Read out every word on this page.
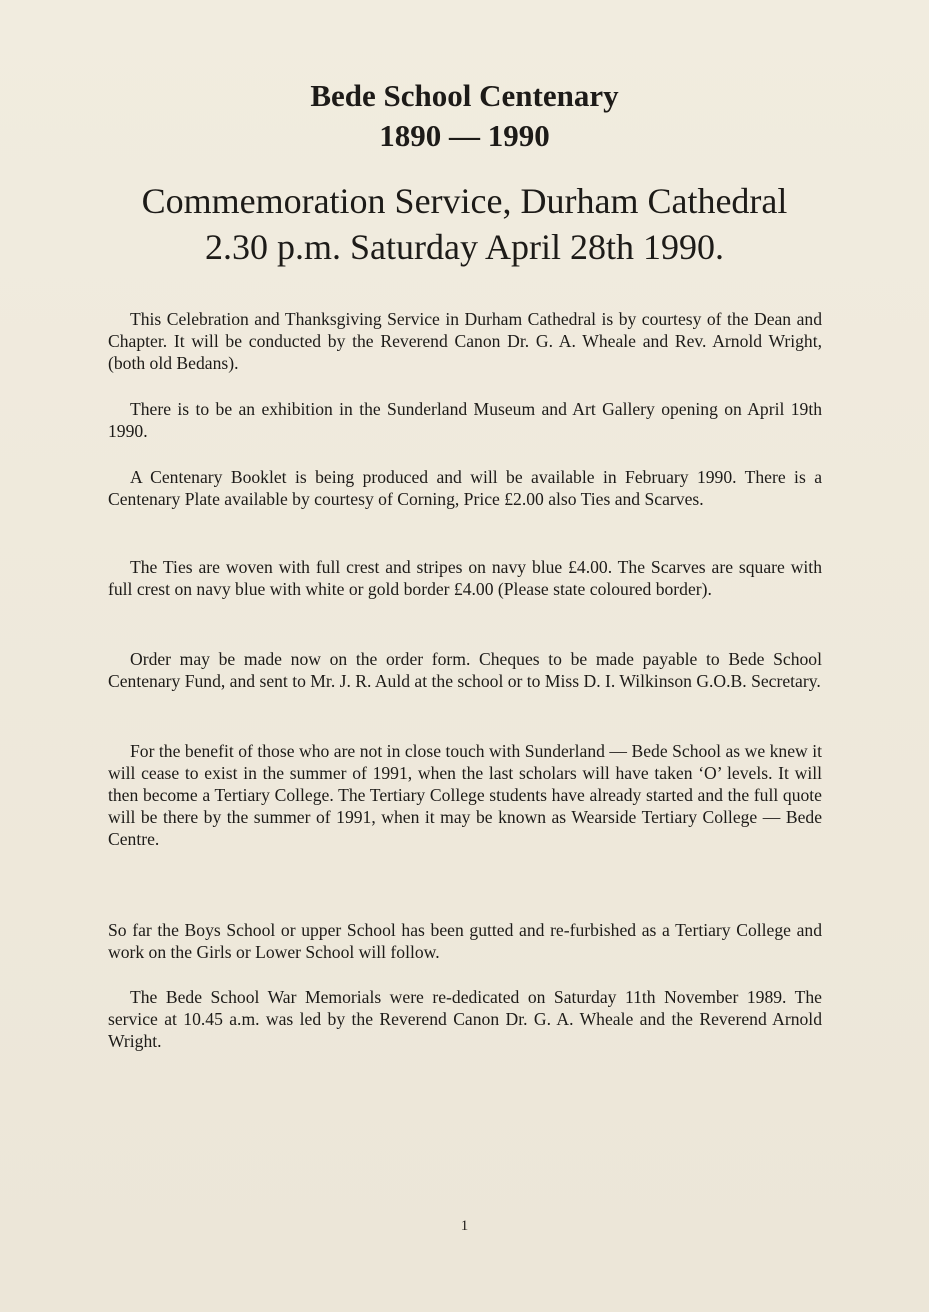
Bede School Centenary
1890 — 1990
Commemoration Service, Durham Cathedral
2.30 p.m. Saturday April 28th 1990.

This Celebration and Thanksgiving Service in Durham Cathedral is by courtesy of the Dean and Chapter. It will be conducted by the Reverend Canon Dr. G. A. Wheale and Rev. Arnold Wright, (both old Bedans).

There is to be an exhibition in the Sunderland Museum and Art Gallery opening on April 19th 1990.

A Centenary Booklet is being produced and will be available in February 1990. There is a Centenary Plate available by courtesy of Corning, Price £2.00 also Ties and Scarves.

The Ties are woven with full crest and stripes on navy blue £4.00. The Scarves are square with full crest on navy blue with white or gold border £4.00 (Please state coloured border).

Order may be made now on the order form. Cheques to be made payable to Bede School Centenary Fund, and sent to Mr. J. R. Auld at the school or to Miss D. I. Wilkinson G.O.B. Secretary.

For the benefit of those who are not in close touch with Sunderland — Bede School as we knew it will cease to exist in the summer of 1991, when the last scholars will have taken ‘O’ levels. It will then become a Tertiary College. The Tertiary College students have already started and the full quote will be there by the summer of 1991, when it may be known as Wearside Tertiary College — Bede Centre.

So far the Boys School or upper School has been gutted and re-furbished as a Tertiary College and work on the Girls or Lower School will follow.

The Bede School War Memorials were re-dedicated on Saturday 11th November 1989. The service at 10.45 a.m. was led by the Reverend Canon Dr. G. A. Wheale and the Reverend Arnold Wright.

1
